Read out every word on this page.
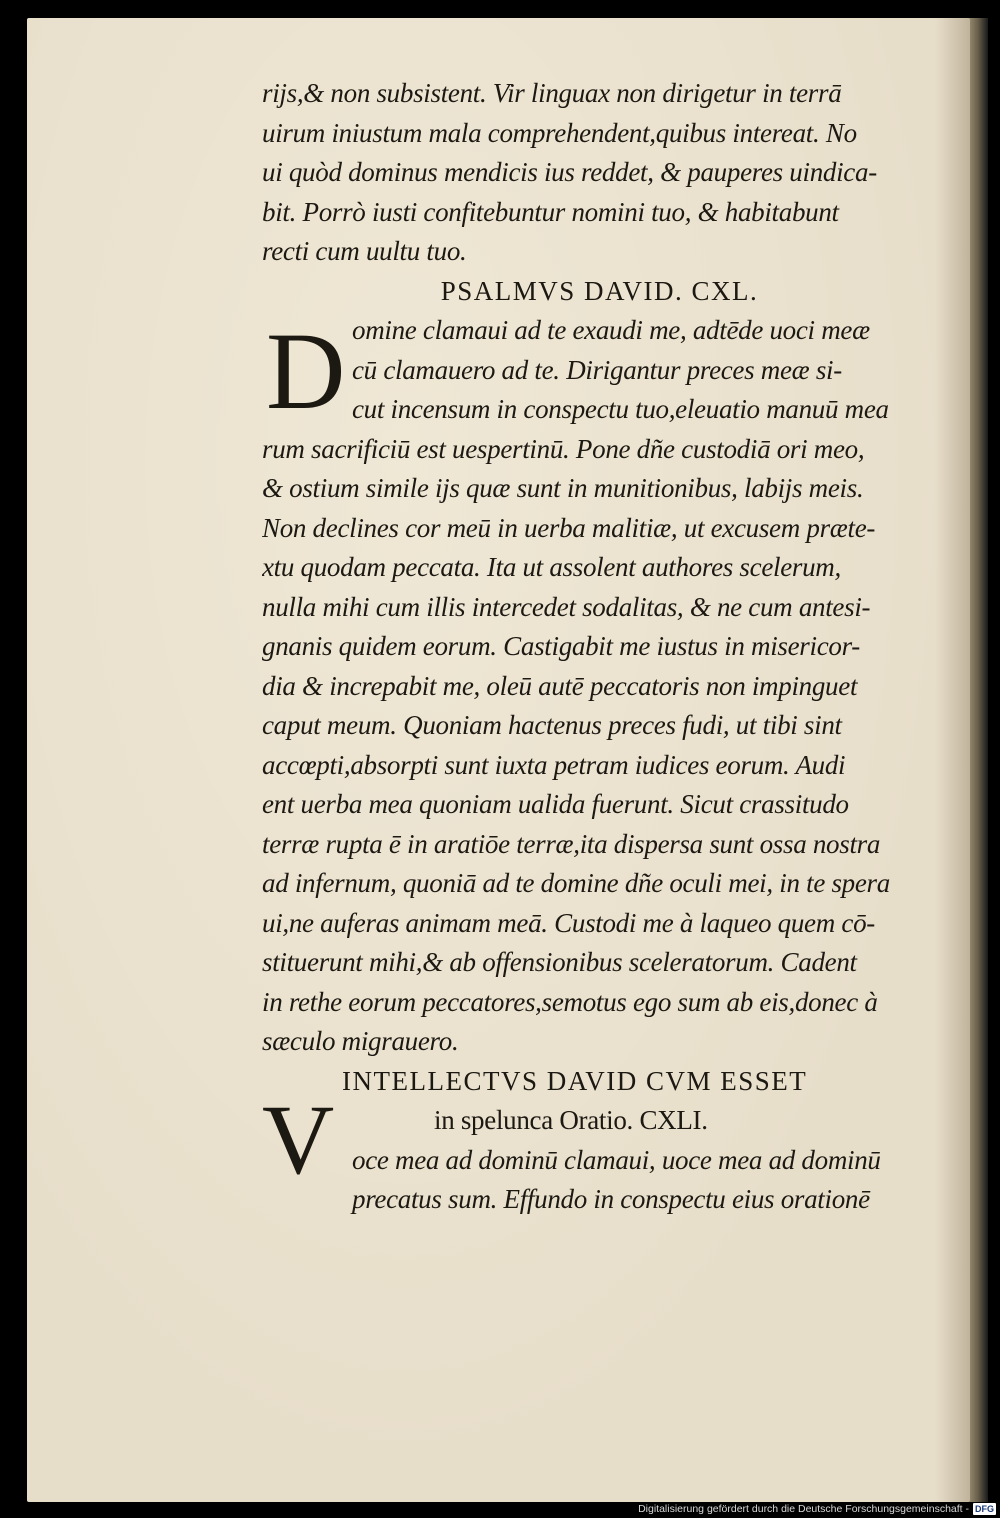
D
V
rijs,& non subsistent. Vir linguax non dirigetur in terrā
uirum iniustum mala comprehendent,quibus intereat. No
ui quòd dominus mendicis ius reddet, & pauperes uindica-
bit. Porrò iusti confitebuntur nomini tuo, & habitabunt
recti cum uultu tuo.
PSALMVS DAVID. CXL.
omine clamaui ad te exaudi me, adtēde uoci meæ
cū clamauero ad te. Dirigantur preces meæ si-
cut incensum in conspectu tuo,eleuatio manuū mea
rum sacrificiū est uespertinū. Pone dñe custodiā ori meo,
& ostium simile ijs quæ sunt in munitionibus, labijs meis.
Non declines cor meū in uerba malitiæ, ut excusem præte-
xtu quodam peccata. Ita ut assolent authores scelerum,
nulla mihi cum illis intercedet sodalitas, & ne cum antesi-
gnanis quidem eorum. Castigabit me iustus in misericor-
dia & increpabit me, oleū autē peccatoris non impinguet
caput meum. Quoniam hactenus preces fudi, ut tibi sint
accœpti,absorpti sunt iuxta petram iudices eorum. Audi
ent uerba mea quoniam ualida fuerunt. Sicut crassitudo
terræ rupta ē in aratiōe terræ,ita dispersa sunt ossa nostra
ad infernum, quoniā ad te domine dñe oculi mei, in te spera
ui,ne auferas animam meā. Custodi me à laqueo quem cō-
stituerunt mihi,& ab offensionibus sceleratorum. Cadent
in rethe eorum peccatores,semotus ego sum ab eis,donec à
sæculo migrauero.
INTELLECTVS DAVID CVM ESSET
in spelunca Oratio. CXLI.
oce mea ad dominū clamaui, uoce mea ad dominū
precatus sum. Effundo in conspectu eius orationē
Digitalisierung gefördert durch die Deutsche Forschungsgemeinschaft - DFG
